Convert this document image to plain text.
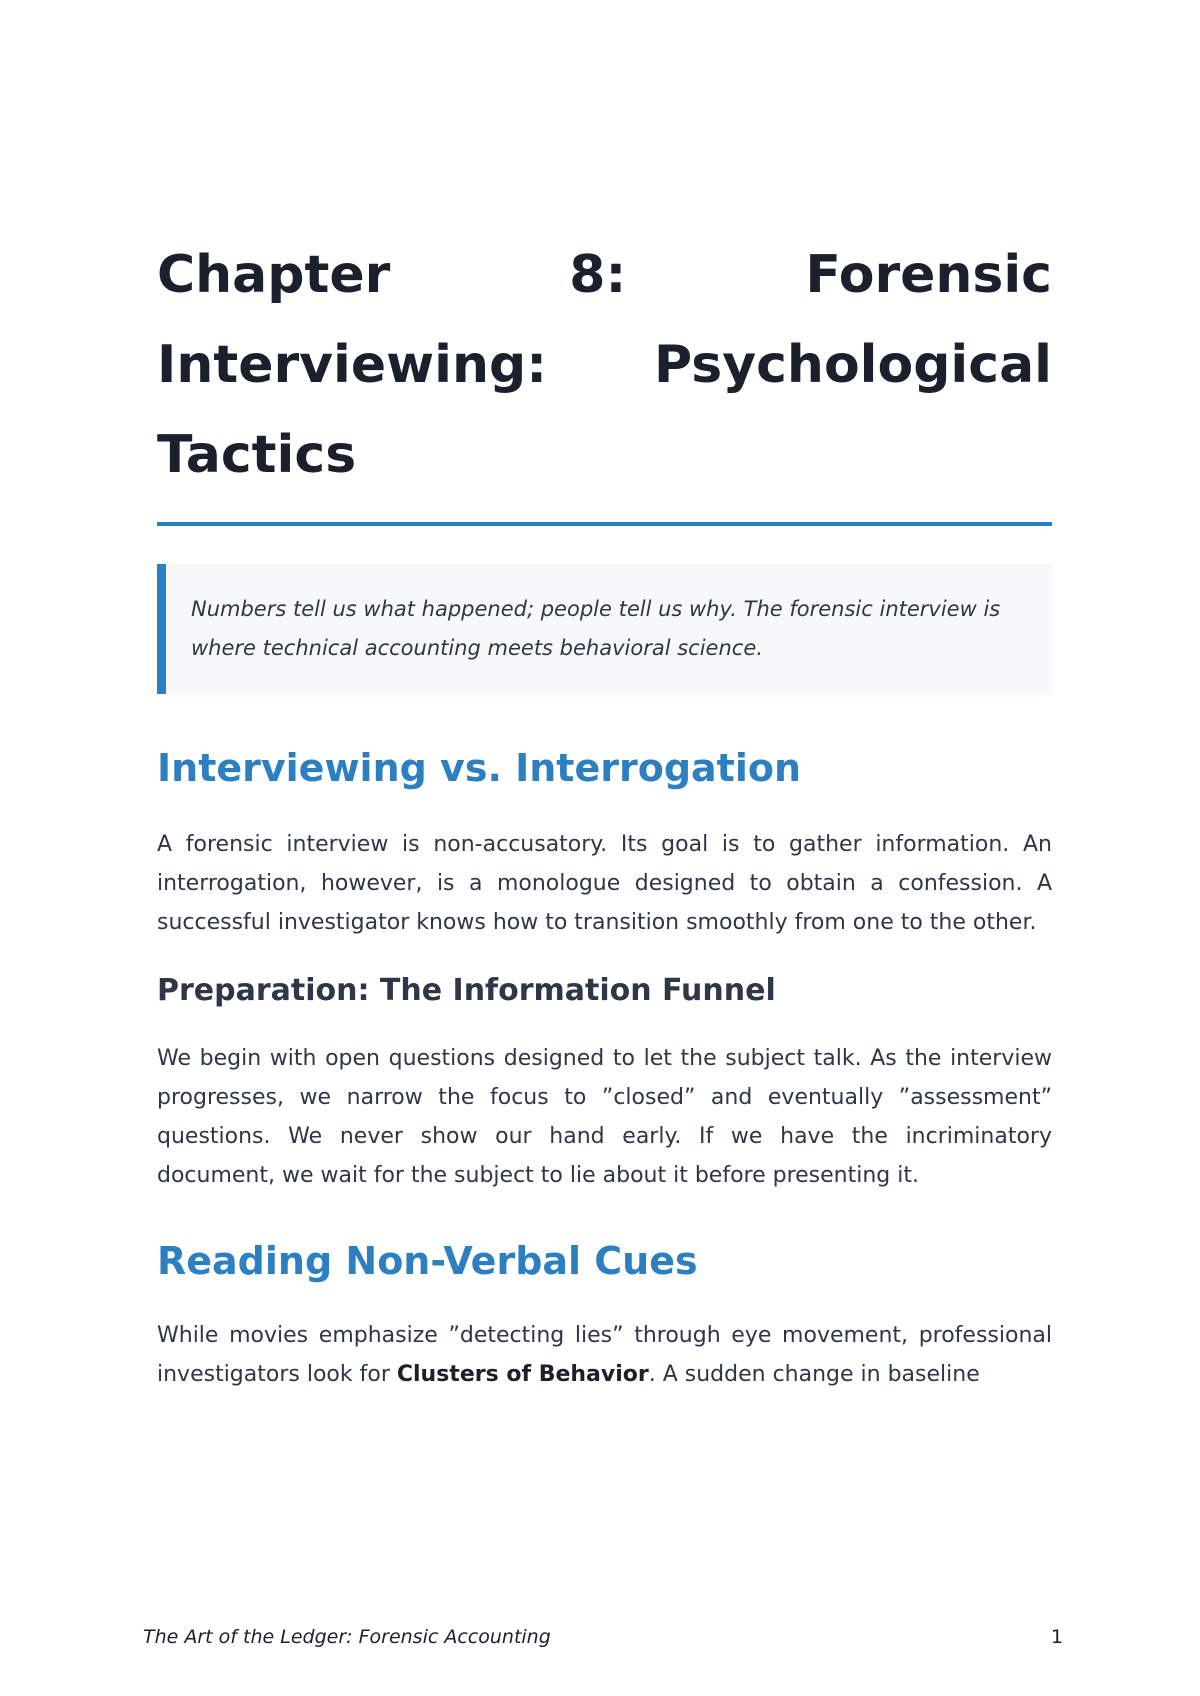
Chapter 8: Forensic Interviewing: Psychological Tactics
Numbers tell us what happened; people tell us why. The forensic interview is where technical accounting meets behavioral science.
Interviewing vs. Interrogation

A forensic interview is non-accusatory. Its goal is to gather information. An interrogation, however, is a monologue designed to obtain a confession. A successful investigator knows how to transition smoothly from one to the other.

Preparation: The Information Funnel

We begin with open questions designed to let the subject talk. As the interview progresses, we narrow the focus to ”closed” and eventually ”assessment” questions. We never show our hand early. If we have the incriminatory document, we wait for the subject to lie about it before presenting it.

Reading Non-Verbal Cues

While movies emphasize ”detecting lies” through eye movement, professional investigators look for Clusters of Behavior. A sudden change in baseline

The Art of the Ledger: Forensic Accounting	1
